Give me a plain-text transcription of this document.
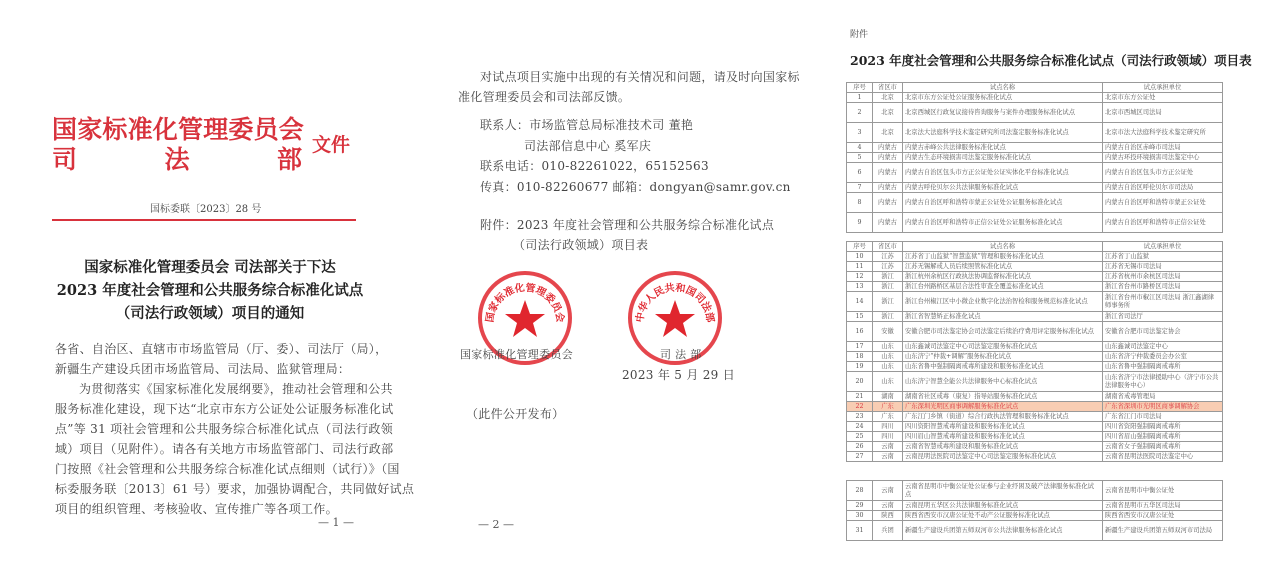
国家标准化管理委员会
司	法	部 文件
国标委联〔2023〕28 号
国家标准化管理委员会 司法部关于下达
2023 年度社会管理和公共服务综合标准化试点
（司法行政领域）项目的通知
各省、自治区、直辖市市场监管局（厅、委）、司法厅（局），
新疆生产建设兵团市场监管局、司法局、监狱管理局：
为贯彻落实《国家标准化发展纲要》，推动社会管理和公共
服务标准化建设，现下达“北京市东方公证处公证服务标准化试
点”等 31 项社会管理和公共服务综合标准化试点（司法行政领
域）项目（见附件）。请各有关地方市场监管部门、司法行政部
门按照《社会管理和公共服务综合标准化试点细则（试行）》（国
标委服务联〔2013〕61 号）要求，加强协调配合，共同做好试点
项目的组织管理、考核验收、宣传推广等各项工作。
— 1 —
对试点项目实施中出现的有关情况和问题，请及时向国家标
准化管理委员会和司法部反馈。
联系人：市场监管总局标准技术司 董艳
司法部信息中心 奚军庆
联系电话：010-82261022，65152563
传真：010-82260677 邮箱：dongyan@samr.gov.cn
附件：2023 年度社会管理和公共服务综合标准化试点
（司法行政领域）项目表
国家标准化管理委员会	中华人民共和国司法部
国家标准化管理委员会	司 法 部
2023 年 5 月 29 日
（此件公开发布）
— 2 —
附件
2023 年度社会管理和公共服务综合标准化试点（司法行政领域）项目表
序号	省区市	试点名称	试点承担单位
1	北京	北京市东方公证处公证服务标准化试点	北京市东方公证处
2	北京	北京西城区行政复议接待咨询服务与案件办理服务标准化试点	北京市西城区司法局
3	北京	北京法大法庭科学技术鉴定研究所司法鉴定服务标准化试点	北京市法大法庭科学技术鉴定研究所
4	内蒙古	内蒙古赤峰公共法律服务标准化试点	内蒙古自治区赤峰市司法局
5	内蒙古	内蒙古生态环境损害司法鉴定服务标准化试点	内蒙古环投环境损害司法鉴定中心
6	内蒙古	内蒙古自治区包头市方正公证处公证实体化平台标准化试点	内蒙古自治区包头市方正公证处
7	内蒙古	内蒙古呼伦贝尔公共法律服务标准化试点	内蒙古自治区呼伦贝尔市司法局
8	内蒙古	内蒙古自治区呼和浩特市蒙正公证处公证服务标准化试点	内蒙古自治区呼和浩特市蒙正公证处
9	内蒙古	内蒙古自治区呼和浩特市正信公证处公证服务标准化试点	内蒙古自治区呼和浩特市正信公证处
序号	省区市	试点名称	试点承担单位
10	江苏	江苏省丁山监狱“智慧监狱”管理和服务标准化试点	江苏省丁山监狱
11	江苏	江苏无锡解戒人员后续照管标准化试点	江苏省无锡市司法局
12	浙江	浙江杭州余杭区行政执法协调监督标准化试点	江苏省杭州市余杭区司法局
13	浙江	浙江台州路桥区基层合法性审查全覆盖标准化试点	浙江省台州市路桥区司法局
14	浙江	浙江台州椒江区中小微企业数字化法治智检和服务规范标准化试点	浙江省台州市椒江区司法局 浙江鑫湖律师事务所
15	浙江	浙江省智慧矫正标准化试点	浙江省司法厅
16	安徽	安徽合肥市司法鉴定协会司法鉴定后续治疗费用评定服务标准化试点	安徽省合肥市司法鉴定协会
17	山东	山东鑫诚司法鉴定中心司法鉴定服务标准化试点	山东鑫诚司法鉴定中心
18	山东	山东济宁“仲裁+调解”服务标准化试点	山东省济宁仲裁委员会办公室
19	山东	山东省鲁中强制隔离戒毒所建设和服务标准化试点	山东省鲁中强制隔离戒毒所
20	山东	山东济宁智慧全能公共法律服务中心标准化试点	山东省济宁市法律援助中心（济宁市公共法律服务中心）
21	湖南	湖南省社区戒毒（康复）指导站服务标准化试点	湖南省戒毒管理局
22	广东	广东深圳光明区商事调解服务标准化试点	广东省深圳市光明区商事调解协会
23	广东	广东江门乡镇（街道）综合行政执法管理和服务标准化试点	广东省江门市司法局
24	四川	四川资阳智慧戒毒所建设和服务标准化试点	四川省资阳强制隔离戒毒所
25	四川	四川眉山智慧戒毒所建设和服务标准化试点	四川省眉山强制隔离戒毒所
26	云南	云南省智慧戒毒所建设和服务标准化试点	云南省女子强制隔离戒毒所
27	云南	云南昆明法医院司法鉴定中心司法鉴定服务标准化试点	云南省昆明法医院司法鉴定中心
28	云南	云南省昆明市中衡公证处公证参与企业纾困及破产法律服务标准化试点	云南省昆明市中衡公证处
29	云南	云南昆明五华区公共法律服务标准化试点	云南省昆明市五华区司法局
30	陕西	陕西省西安市汉唐公证处不动产公证服务标准化试点	陕西省西安市汉唐公证处
31	兵团	新疆生产建设兵团第五师双河市公共法律服务标准化试点	新疆生产建设兵团第五师双河市司法局
